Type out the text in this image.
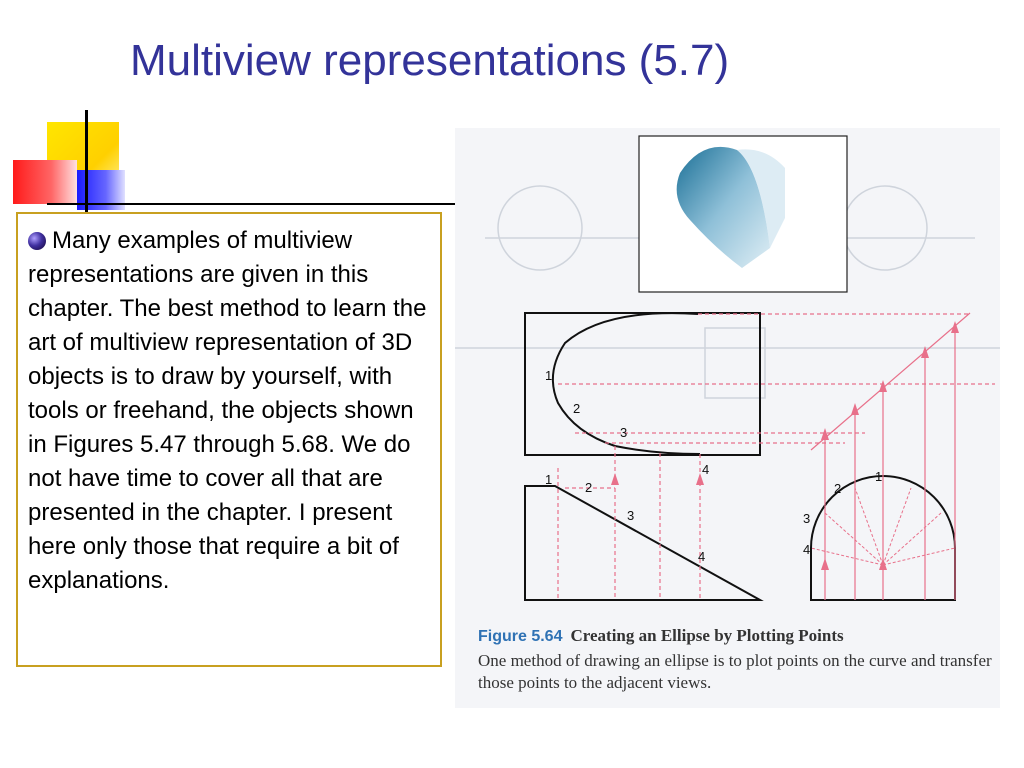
Multiview representations (5.7)
Many examples of multiview representations are given in this chapter. The best method to learn the art of multiview representation of 3D objects is to draw by yourself, with tools or freehand, the objects shown in Figures 5.47 through 5.68. We do not have time to cover all that are presented in the chapter. I present here only those that require a bit of explanations.
1
2
3
4
1
2
3
4
1
2
3
4
Figure 5.64 Creating an Ellipse by Plotting Points
One method of drawing an ellipse is to plot points on the curve and transfer those points to the adjacent views.
